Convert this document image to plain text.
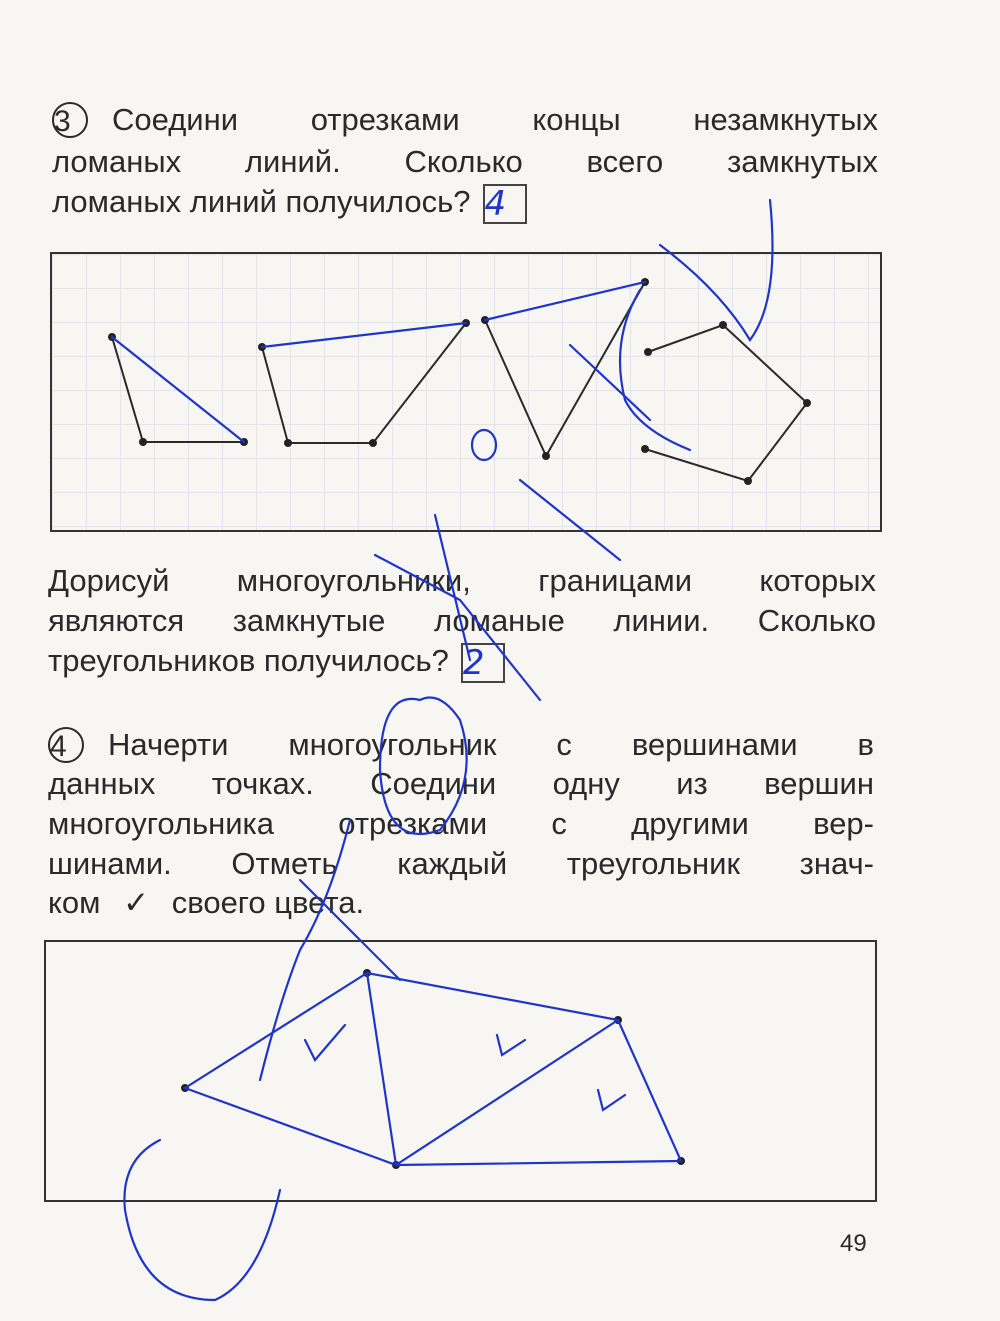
3 Соедини отрезками концы незамкнутых
ломаных линий. Сколько всего замкнутых
ломаных линий получилось? 4
Дорисуй многоугольники, границами которых
являются замкнутые ломаные линии. Сколько
треугольников получилось? 2
4 Начерти многоугольник с вершинами в
данных точках. Соедини одну из вершин
многоугольника отрезками с другими вер-
шинами. Отметь каждый треугольник знач-
ком ✓ своего цвета.
49
